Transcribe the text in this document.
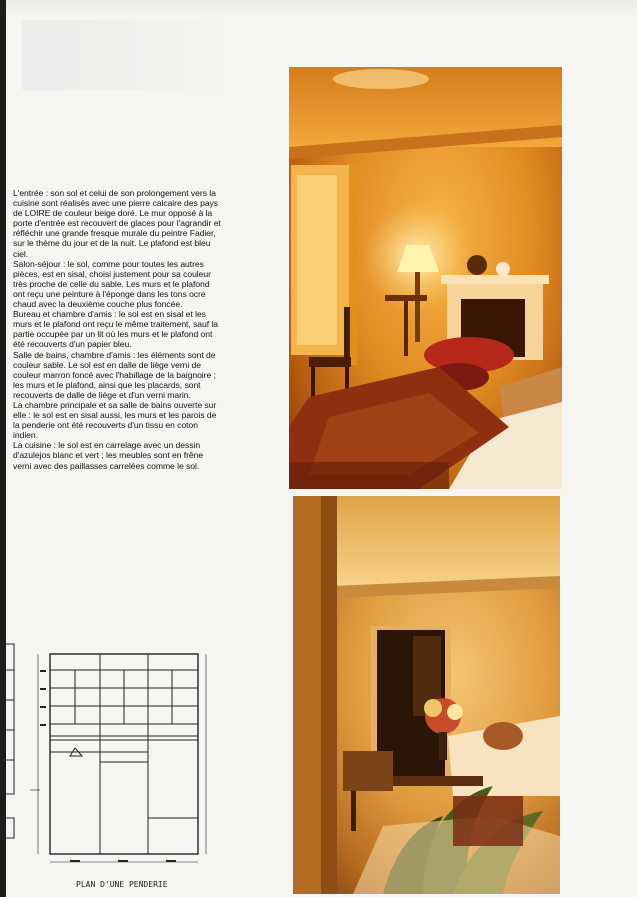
L'entrée : son sol et celui de son prolongement vers la cuisine sont réalisés avec une pierre calcaire des pays de LOIRE de couleur beige doré. Le mur opposé à la porte d'entrée est recouvert de glaces pour l'agrandir et réfléchir une grande fresque murale du peintre Fadier, sur le thème du jour et de la nuit. Le plafond est bleu ciel.

Salon-séjour : le sol, comme pour toutes les autres pièces, est en sisal, choisi justement pour sa couleur très proche de celle du sable. Les murs et le plafond ont reçu une peinture à l'éponge dans les tons ocre chaud avec la deuxième couche plus foncée.

Bureau et chambre d'amis : le sol est en sisal et les murs et le plafond ont reçu le même traitement, sauf la partie occupée par un lit où les murs et le plafond ont été recouverts d'un papier bleu.

Salle de bains, chambre d'amis : les éléments sont de couleur sable. Le sol est en dalle de liège verni de couleur marron foncé avec l'habillage de la baignoire ; les murs et le plafond, ainsi que les placards, sont recouverts de dalle de liège et d'un verni marin.

La chambre principale et sa salle de bains ouverte sur elle : le sol est en sisal aussi, les murs et les parois de la penderie ont été recouverts d'un tissu en coton indien.

La cuisine : le sol est en carrelage avec un dessin d'azulejos blanc et vert ; les meubles sont en frêne verni avec des paillasses carrelées comme le sol.

PLAN D'UNE PENDERIE
